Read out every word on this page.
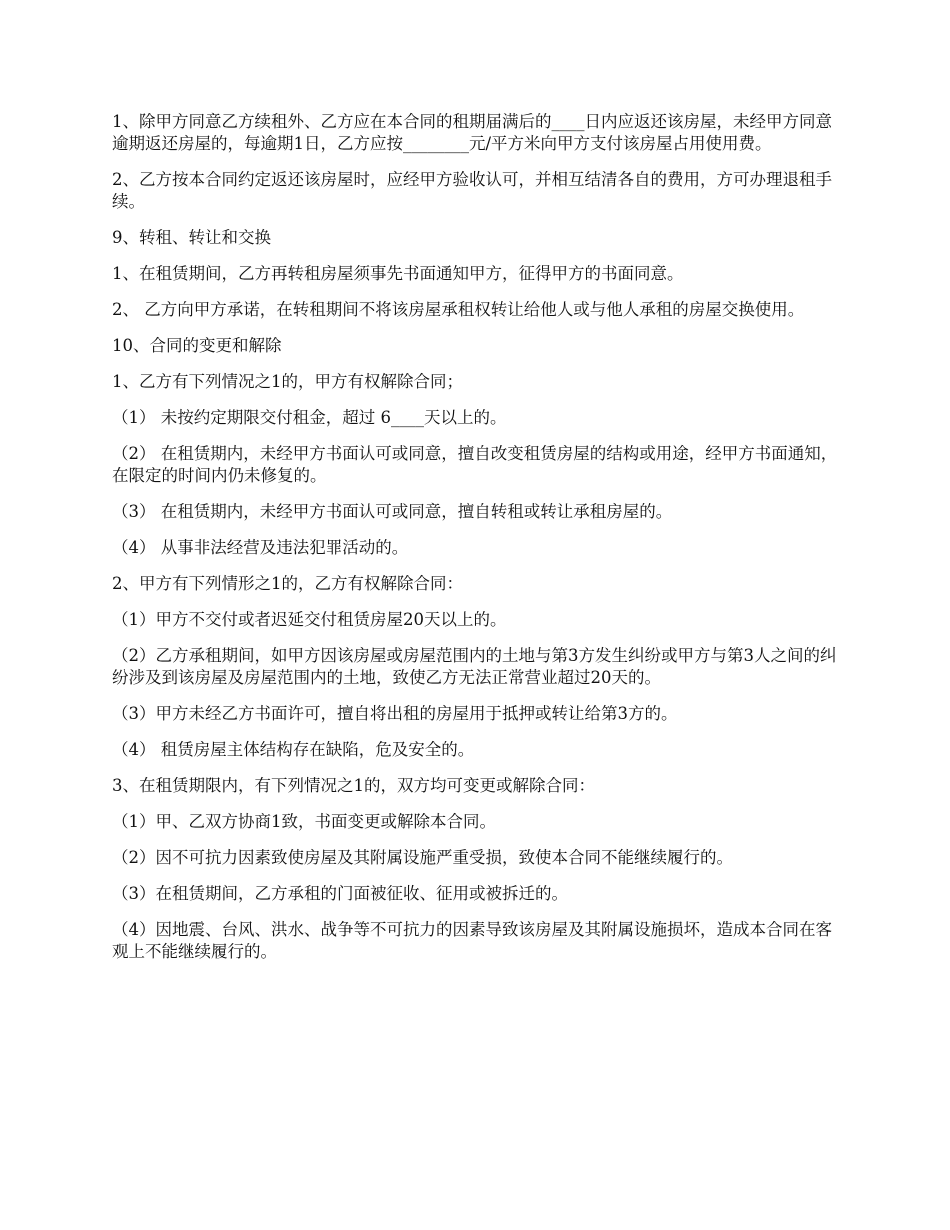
1、除甲方同意乙方续租外、乙方应在本合同的租期届满后的____日内应返还该房屋，未经甲方同意逾期返还房屋的，每逾期1日，乙方应按________元/平方米向甲方支付该房屋占用使用费。

2、乙方按本合同约定返还该房屋时，应经甲方验收认可，并相互结清各自的费用，方可办理退租手续。

9、转租、转让和交换

1、在租赁期间，乙方再转租房屋须事先书面通知甲方，征得甲方的书面同意。

2、 乙方向甲方承诺，在转租期间不将该房屋承租权转让给他人或与他人承租的房屋交换使用。

10、合同的变更和解除

1、乙方有下列情况之1的，甲方有权解除合同；

（1） 未按约定期限交付租金，超过 6____天以上的。

（2） 在租赁期内，未经甲方书面认可或同意，擅自改变租赁房屋的结构或用途，经甲方书面通知，在限定的时间内仍未修复的。

（3） 在租赁期内，未经甲方书面认可或同意，擅自转租或转让承租房屋的。

（4） 从事非法经营及违法犯罪活动的。

2、甲方有下列情形之1的，乙方有权解除合同：

（1）甲方不交付或者迟延交付租赁房屋20天以上的。

（2）乙方承租期间，如甲方因该房屋或房屋范围内的土地与第3方发生纠纷或甲方与第3人之间的纠纷涉及到该房屋及房屋范围内的土地，致使乙方无法正常营业超过20天的。

（3）甲方未经乙方书面许可，擅自将出租的房屋用于抵押或转让给第3方的。

（4） 租赁房屋主体结构存在缺陷，危及安全的。

3、在租赁期限内，有下列情况之1的，双方均可变更或解除合同：

（1）甲、乙双方协商1致，书面变更或解除本合同。

（2）因不可抗力因素致使房屋及其附属设施严重受损，致使本合同不能继续履行的。

（3）在租赁期间，乙方承租的门面被征收、征用或被拆迁的。

（4）因地震、台风、洪水、战争等不可抗力的因素导致该房屋及其附属设施损坏，造成本合同在客观上不能继续履行的。
